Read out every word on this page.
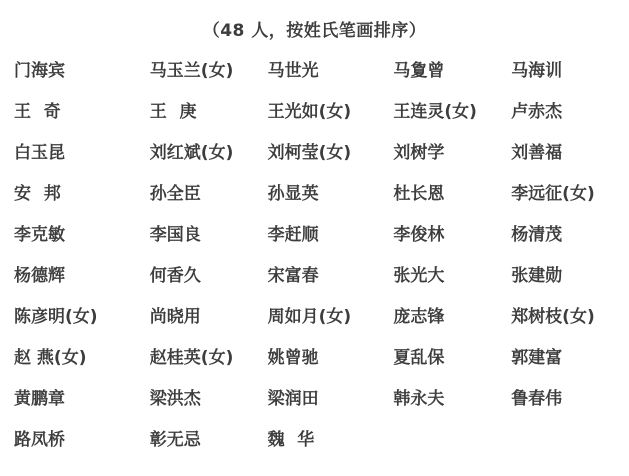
（48 人，按姓氏笔画排序）
门海宾	马玉兰(女)	马世光	马夐曾	马海训
王 奇	王 庚	王光如(女)	王连灵(女)	卢赤杰
白玉昆	刘红斌(女)	刘柯莹(女)	刘树学	刘善福
安 邦	孙全臣	孙显英	杜长恩	李远征(女)
李克敏	李国良	李赶顺	李俊林	杨清茂
杨德辉	何香久	宋富春	张光大	张建勋
陈彦明(女)	尚晓用	周如月(女)	庞志锋	郑树枝(女)
赵 燕(女)	赵桂英(女)	姚曾驰	夏乱保	郭建富
黄鹏章	梁洪杰	梁润田	韩永夫	鲁春伟
路凤桥	彰无忌	魏 华
